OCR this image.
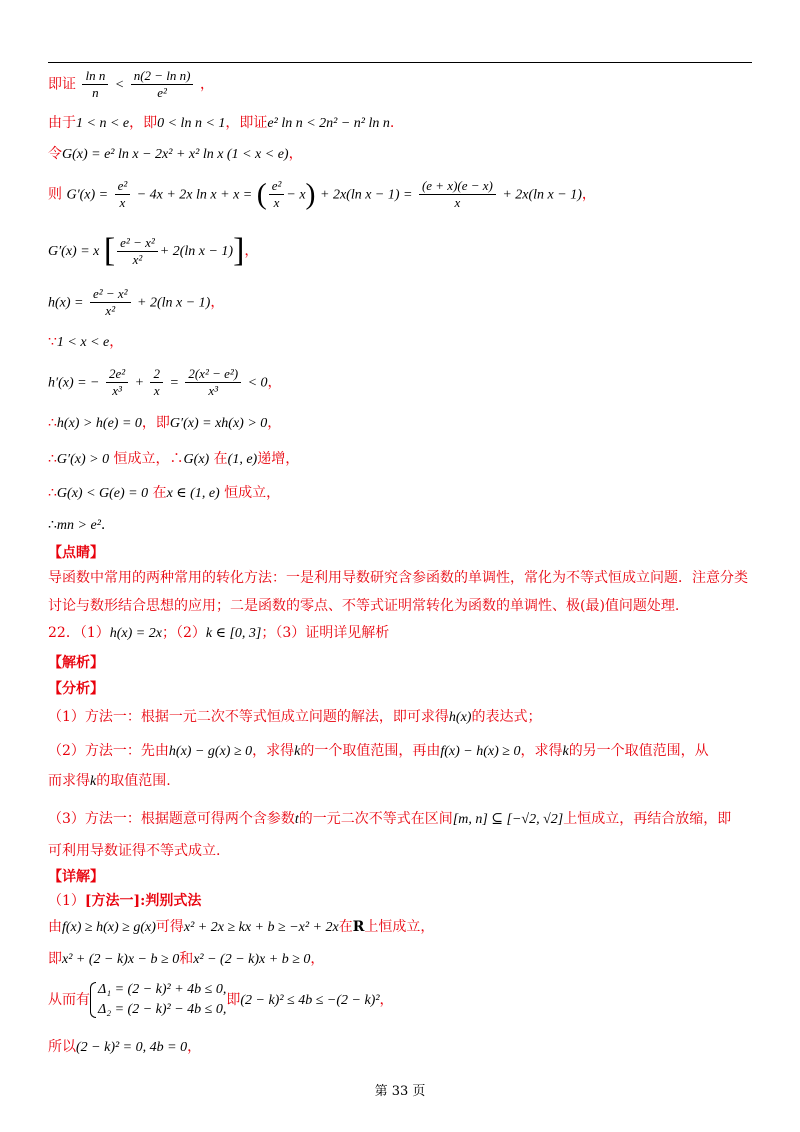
即证 $\frac{\text{ln n}}{n} < \frac{\text{n(2 − ln n)}}{\text{e²}}$ ，
由于1 < n < e，即0 < ln n < 1，即证e² ln n < 2n² − n² ln n.
令G(x) = e² ln x − 2x² + x² ln x (1 < x < e)，
则 $G'(x) = \frac{\text{e²}}{x} - 4x + 2x$ ln x + x = ( $\frac{\text{e²}}{x} - x) + 2x(\ln$ $x - 1) = \frac{(e + x)(e - x)}{x} + 2x(\ln$ x − 1)，
G′(x) = x [ $\frac{\text{e² − x²}}{\text{x²}} + 2(\ln$ x − 1)]，
$h(x) = \frac{\text{e² − x²}}{\text{x²}} + 2(\ln$ x − 1)，
∵1 < x < e，
h′(x) = − $\frac{\text{2e²}}{\text{x³}} + \frac{2}{x} = \frac{\text{2(x² − e²)}}{\text{x³}} < 0$，
∴h(x) > h(e) = 0，即G′(x) = xh(x) > 0，
∴G′(x) > 0 恒成立，∴G(x) 在(1, e)递增，
∴G(x) < G(e) = 0 在x ∈ (1, e) 恒成立，
∴mn > e².
【点睛】
导函数中常用的两种常用的转化方法：一是利用导数研究含参函数的单调性，常化为不等式恒成立问题．注意分类讨论与数形结合思想的应用；二是函数的零点、不等式证明常转化为函数的单调性、极(最)值问题处理.
22．（1）h(x) = 2x；（2）k ∈ [0, 3]；（3）证明详见解析
【解析】
【分析】
（1）方法一：根据一元二次不等式恒成立问题的解法，即可求得h(x)的表达式；
（2）方法一：先由h(x) − g(x) ≥ 0，求得k的一个取值范围，再由f(x) − h(x) ≥ 0，求得k的另一个取值范围，从
而求得k的取值范围.
（3）方法一：根据题意可得两个含参数t的一元二次不等式在区间[m, n] ⊆ [−√2, √2]上恒成立，再结合放缩，即
可利用导数证得不等式成立.
【详解】
（1）[方法一]:判别式法
由f(x) ≥ h(x) ≥ g(x)可得x² + 2x ≥ kx + b ≥ −x² + 2x在R上恒成立，
即x² + (2 − k)x − b ≥ 0和x² − (2 − k)x + b ≥ 0，
从而有
Δ₁ = (2 − k)² + 4b ≤ 0,
Δ₂ = (2 − k)² − 4b ≤ 0,
即(2 − k)² ≤ 4b ≤ −(2 − k)²，
所以(2 − k)² = 0, 4b = 0，
第 33 页
